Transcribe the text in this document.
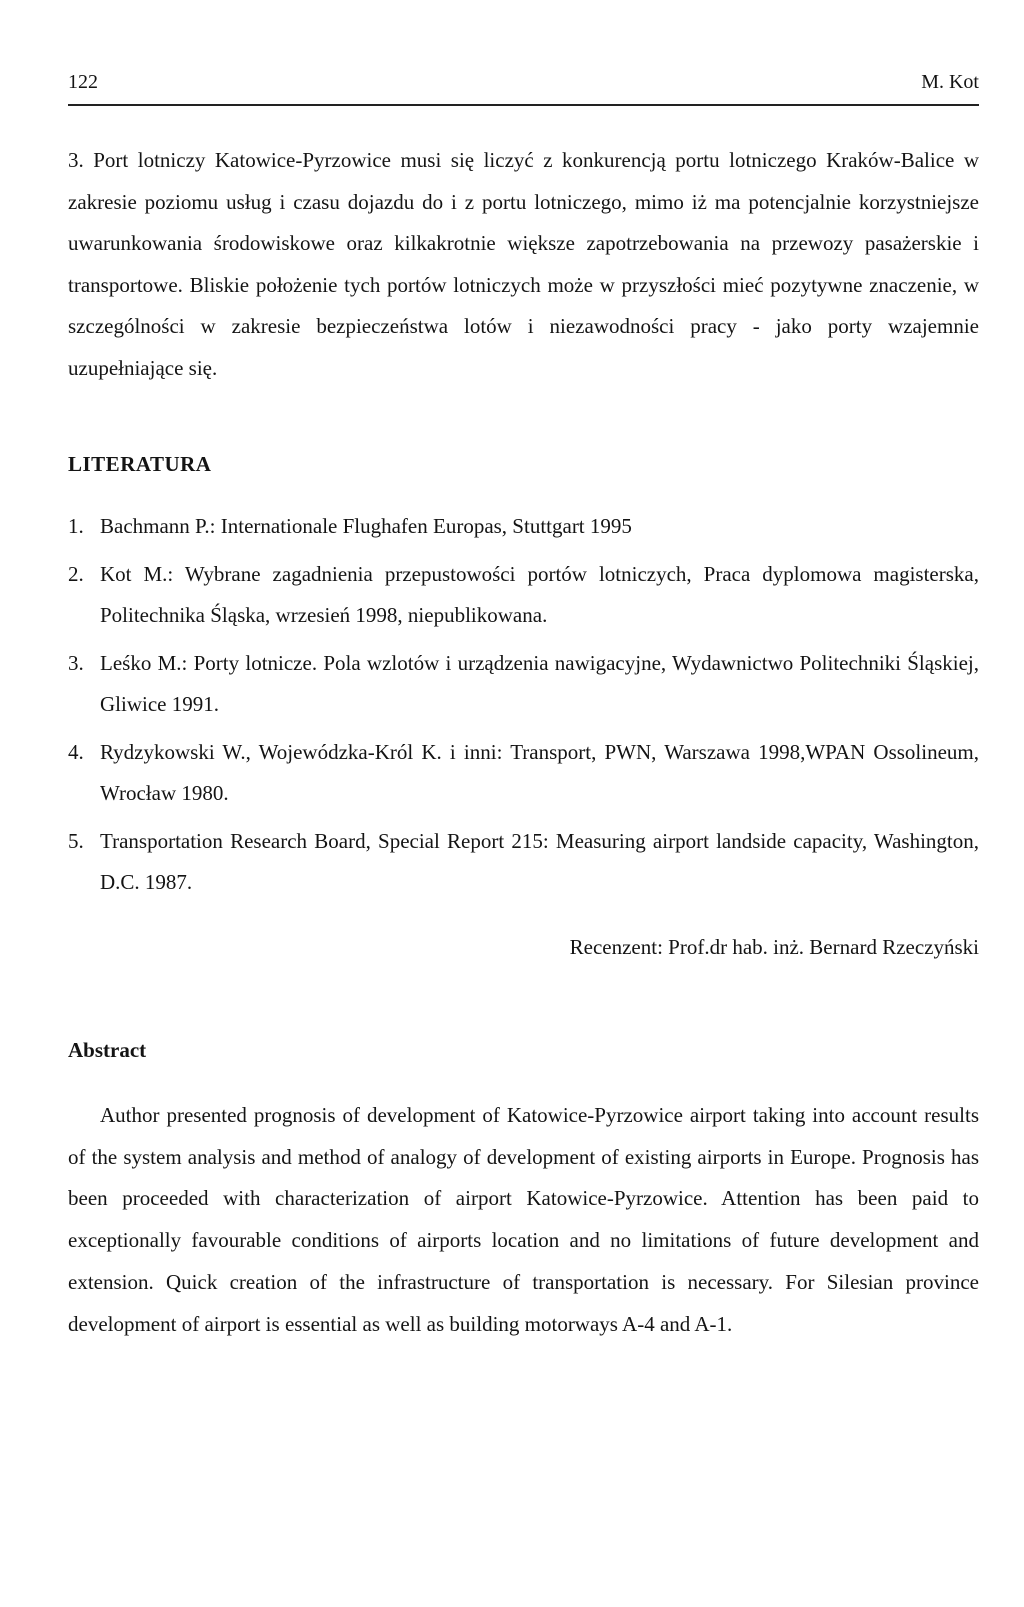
122	M. Kot

3. Port lotniczy Katowice-Pyrzowice musi się liczyć z konkurencją portu lotniczego Kraków-Balice w zakresie poziomu usług i czasu dojazdu do i z portu lotniczego, mimo iż ma potencjalnie korzystniejsze uwarunkowania środowiskowe oraz kilkakrotnie większe zapotrzebowania na przewozy pasażerskie i transportowe. Bliskie położenie tych portów lotniczych może w przyszłości mieć pozytywne znaczenie, w szczególności w zakresie bezpieczeństwa lotów i niezawodności pracy - jako porty wzajemnie uzupełniające się.

LITERATURA
1. Bachmann P.: Internationale Flughafen Europas, Stuttgart 1995
2. Kot M.: Wybrane zagadnienia przepustowości portów lotniczych, Praca dyplomowa magisterska, Politechnika Śląska, wrzesień 1998, niepublikowana.
3. Leśko M.: Porty lotnicze. Pola wzlotów i urządzenia nawigacyjne, Wydawnictwo Politechniki Śląskiej, Gliwice 1991.
4. Rydzykowski W., Wojewódzka-Król K. i inni: Transport, PWN, Warszawa 1998,WPAN Ossolineum, Wrocław 1980.
5. Transportation Research Board, Special Report 215: Measuring airport landside capacity, Washington, D.C. 1987.
Recenzent: Prof.dr hab. inż. Bernard Rzeczyński
Abstract

Author presented prognosis of development of Katowice-Pyrzowice airport taking into account results of the system analysis and method of analogy of development of existing airports in Europe. Prognosis has been proceeded with characterization of airport Katowice-Pyrzowice. Attention has been paid to exceptionally favourable conditions of airports location and no limitations of future development and extension. Quick creation of the infrastructure of transportation is necessary. For Silesian province development of airport is essential as well as building motorways A-4 and A-1.
